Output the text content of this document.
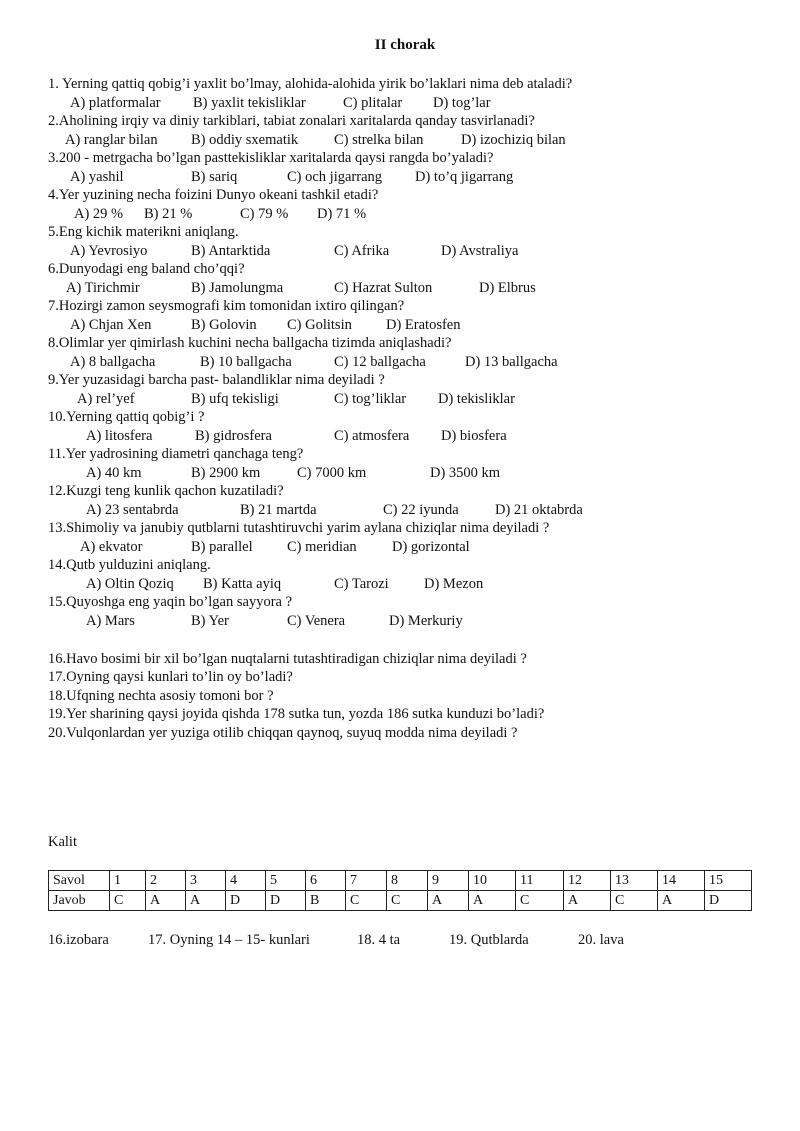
II chorak
1. Yerning qattiq qobig’i yaxlit bo’lmay, alohida-alohida yirik bo’laklari nima deb ataladi?
A) platformalar B) yaxlit tekisliklar	C) plitalar D) tog’lar
2.Aholining irqiy va diniy tarkiblari, tabiat zonalari xaritalarda qanday tasvirlanadi?
A) ranglar bilan B) oddiy sxematik C) strelka bilan	D) izochiziq bilan
3.200 - metrgacha bo’lgan pasttekisliklar xaritalarda qaysi rangda bo’yaladi?
A) yashil	B) sariq	C) och jigarrang D) to’q jigarrang
4.Yer yuzining necha foizini Dunyo okeani tashkil etadi?
A) 29 % B) 21 %	C) 79 % D) 71 %
5.Eng kichik materikni aniqlang.
A) Yevrosiyo	B) Antarktida	C) Afrika	D) Avstraliya
6.Dunyodagi eng baland cho’qqi?
A) Tirichmir	B) Jamolungma	C) Hazrat Sulton	D) Elbrus
7.Hozirgi zamon seysmografi kim tomonidan ixtiro qilingan?
A) Chjan Xen	B) Golovin C) Golitsin D) Eratosfen
8.Olimlar yer qimirlash kuchini necha ballgacha tizimda aniqlashadi?
A) 8 ballgacha	B) 10 ballgacha	C) 12 ballgacha	D) 13 ballgacha
9.Yer yuzasidagi barcha past- balandliklar nima deyiladi ?
A) rel’yef	B) ufq tekisligi	C) tog’liklar D) tekisliklar
10.Yerning qattiq qobig’i ?
A) litosfera	B) gidrosfera	C) atmosfera D) biosfera
11.Yer yadrosining diametri qanchaga teng?
A) 40 km	B) 2900 km	C) 7000 km	D) 3500 km
12.Kuzgi teng kunlik qachon kuzatiladi?
A) 23 sentabrda	B) 21 martda	C) 22 iyunda	D) 21 oktabrda
13.Shimoliy va janubiy qutblarni tutashtiruvchi yarim aylana chiziqlar nima deyiladi ?
A) ekvator	B) parallel C) meridian D) gorizontal
14.Qutb yulduzini aniqlang.
A) Oltin Qoziq B) Katta ayiq	C) Tarozi D) Mezon
15.Quyoshga eng yaqin bo’lgan sayyora ?
A) Mars	B) Yer	C) Venera	D) Merkuriy
16.Havo bosimi bir xil bo’lgan nuqtalarni tutashtiradigan chiziqlar nima deyiladi ?
17.Oyning qaysi kunlari to’lin oy bo’ladi?
18.Ufqning nechta asosiy tomoni bor ?
19.Yer sharining qaysi joyida qishda 178 sutka tun, yozda 186 sutka kunduzi bo’ladi?
20.Vulqonlardan yer yuziga otilib chiqqan qaynoq, suyuq modda nima deyiladi ?
Kalit
Savol	1	2	3	4	5	6	7	8	9	10	11	12	13	14	15
Javob	C	A	A	D	D	B	C	C	A	A	C	A	C	A	D
16.izobara	17. Oyning 14 – 15- kunlari	18. 4 ta	19. Qutblarda	20. lava
